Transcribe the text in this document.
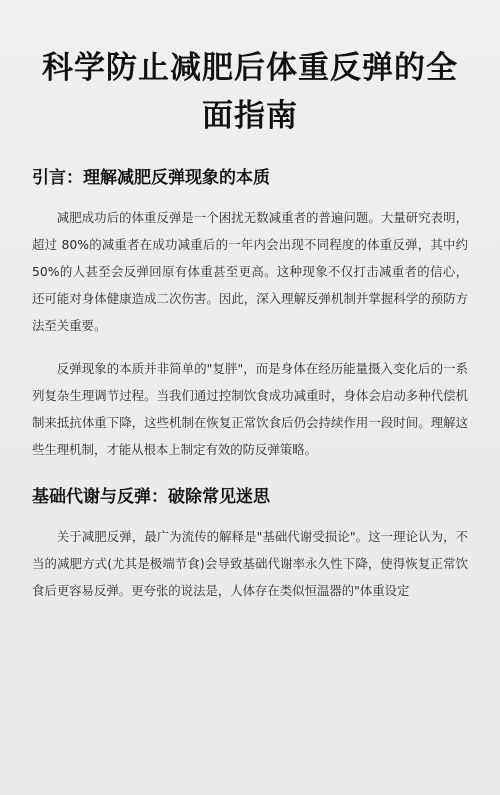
科学防止减肥后体重反弹的全面指南
引言：理解减肥反弹现象的本质

减肥成功后的体重反弹是一个困扰无数减重者的普遍问题。大量研究表明，超过 80%的减重者在成功减重后的一年内会出现不同程度的体重反弹，其中约 50%的人甚至会反弹回原有体重甚至更高。这种现象不仅打击减重者的信心，还可能对身体健康造成二次伤害。因此，深入理解反弹机制并掌握科学的预防方法至关重要。

反弹现象的本质并非简单的"复胖"，而是身体在经历能量摄入变化后的一系列复杂生理调节过程。当我们通过控制饮食成功减重时，身体会启动多种代偿机制来抵抗体重下降，这些机制在恢复正常饮食后仍会持续作用一段时间。理解这些生理机制，才能从根本上制定有效的防反弹策略。

基础代谢与反弹：破除常见迷思

关于减肥反弹，最广为流传的解释是"基础代谢受损论"。这一理论认为，不当的减肥方式(尤其是极端节食)会导致基础代谢率永久性下降，使得恢复正常饮食后更容易反弹。更夸张的说法是，人体存在类似恒温器的"体重设定
